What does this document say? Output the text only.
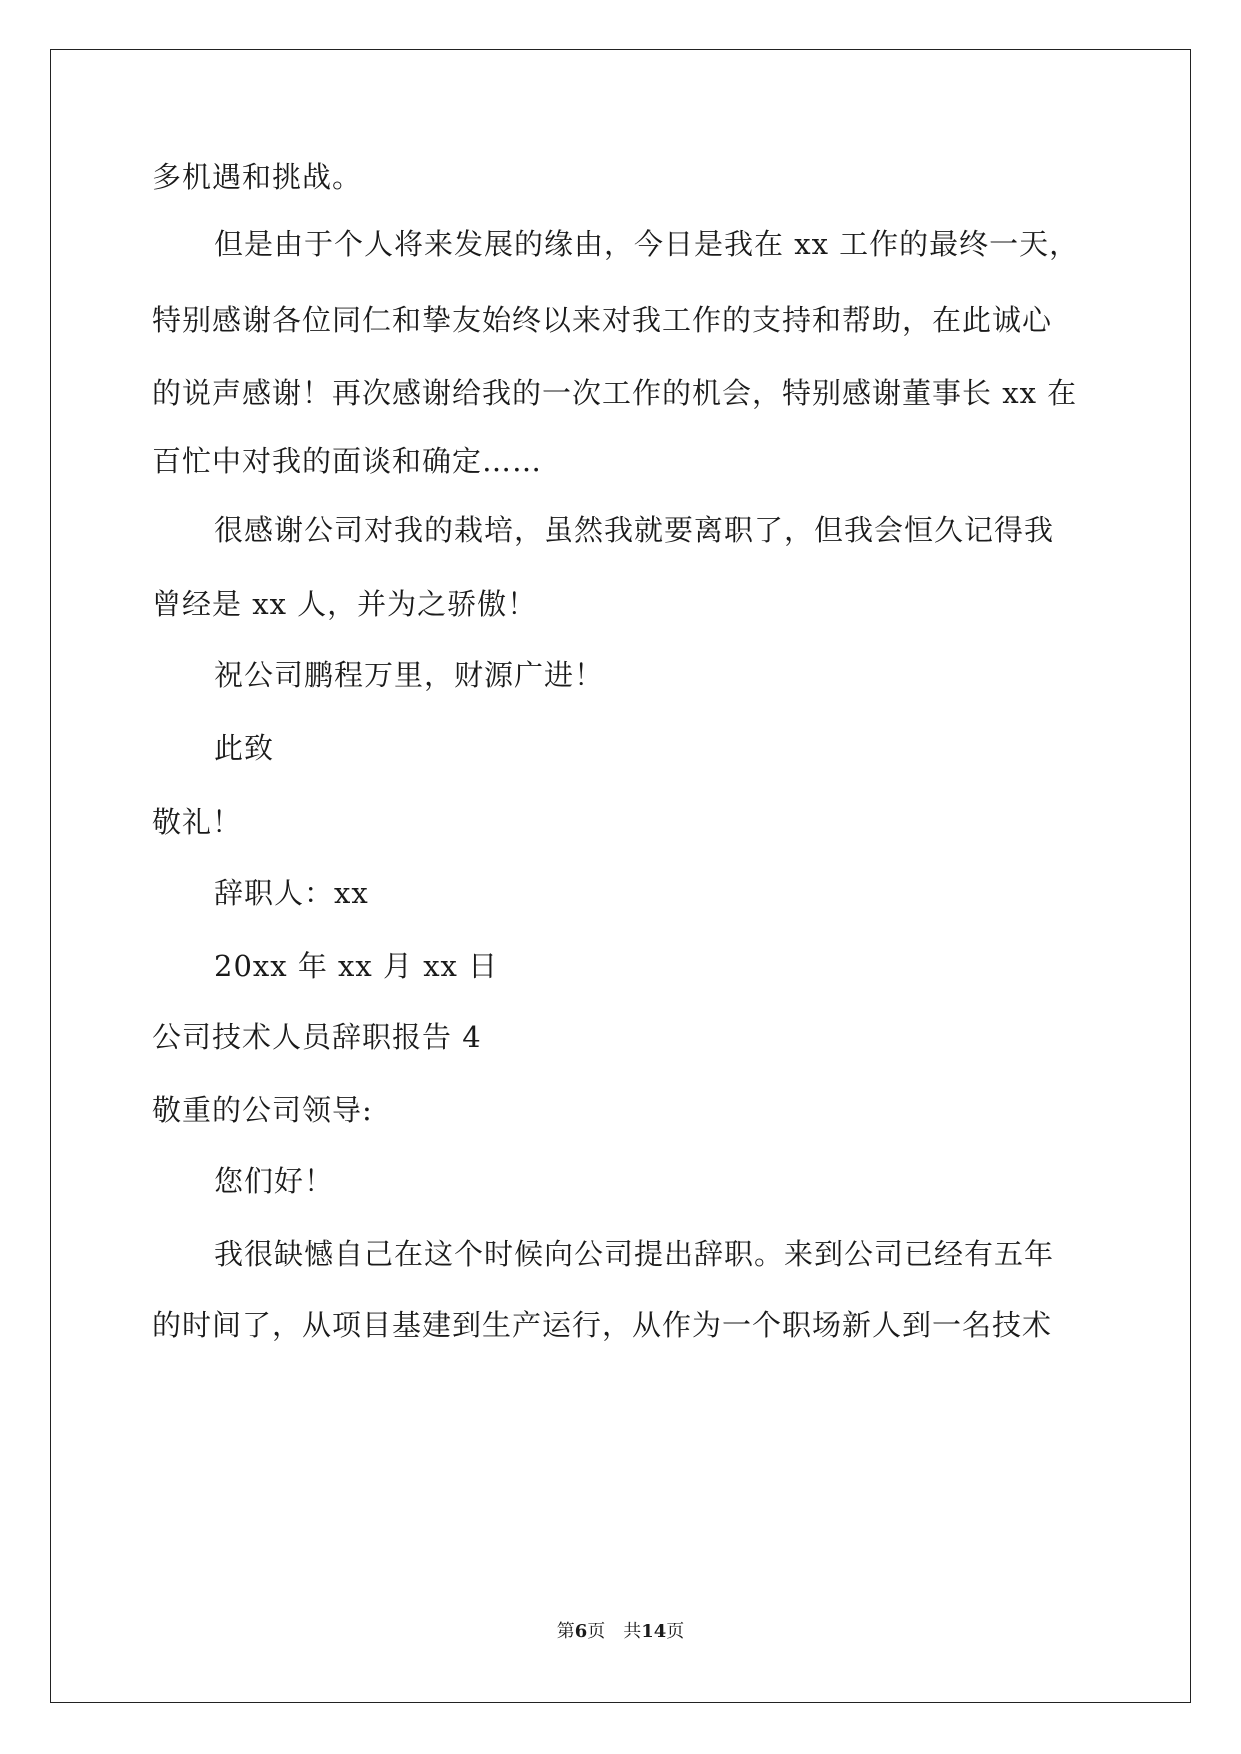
多机遇和挑战。
但是由于个人将来发展的缘由，今日是我在 xx 工作的最终一天，
特别感谢各位同仁和挚友始终以来对我工作的支持和帮助，在此诚心
的说声感谢！再次感谢给我的一次工作的机会，特别感谢董事长 xx 在
百忙中对我的面谈和确定……
很感谢公司对我的栽培，虽然我就要离职了，但我会恒久记得我
曾经是 xx 人，并为之骄傲！
祝公司鹏程万里，财源广进！
此致
敬礼！
辞职人：xx
20xx 年 xx 月 xx 日
公司技术人员辞职报告 4
敬重的公司领导:
您们好！
我很缺憾自己在这个时候向公司提出辞职。来到公司已经有五年
的时间了，从项目基建到生产运行，从作为一个职场新人到一名技术
第6页 共14页
